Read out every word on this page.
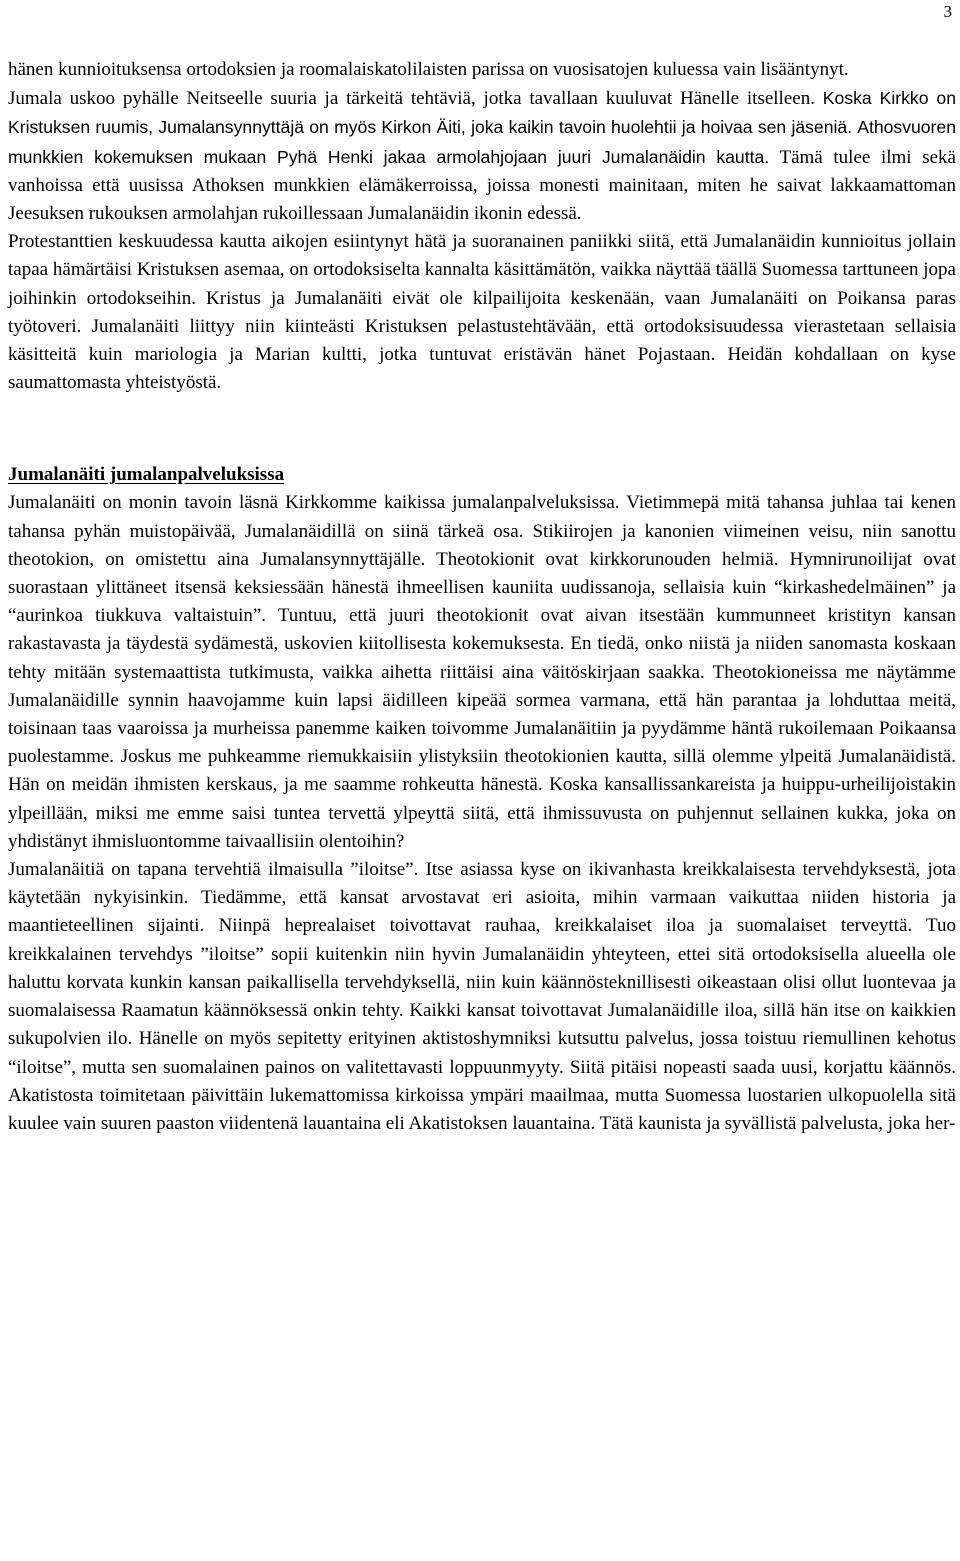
3

hänen kunnioituksensa ortodoksien ja roomalaiskatolilaisten parissa on vuosisatojen kuluessa vain lisääntynyt.

Jumala uskoo pyhälle Neitseelle suuria ja tärkeitä tehtäviä, jotka tavallaan kuuluvat Hänelle itselleen. Koska Kirkko on Kristuksen ruumis, Jumalansynnyttäjä on myös Kirkon Äiti, joka kaikin tavoin huolehtii ja hoivaa sen jäseniä. Athosvuoren munkkien kokemuksen mukaan Pyhä Henki jakaa armolahjojaan juuri Jumalanäidin kautta. Tämä tulee ilmi sekä vanhoissa että uusissa Athoksen munkkien elämäkerroissa, joissa monesti mainitaan, miten he saivat lakkaamattoman Jeesuksen rukouksen armolahjan rukoillessaan Jumalanäidin ikonin edessä.

Protestanttien keskuudessa kautta aikojen esiintynyt hätä ja suoranainen paniikki siitä, että Jumalanäidin kunnioitus jollain tapaa hämärtäisi Kristuksen asemaa, on ortodoksiselta kannalta käsittämätön, vaikka näyttää täällä Suomessa tarttuneen jopa joihinkin ortodokseihin. Kristus ja Jumalanäiti eivät ole kilpailijoita keskenään, vaan Jumalanäiti on Poikansa paras työtoveri. Jumalanäiti liittyy niin kiinteästi Kristuksen pelastustehtävään, että ortodoksisuudessa vierastetaan sellaisia käsitteitä kuin mariologia ja Marian kultti, jotka tuntuvat eristävän hänet Pojastaan. Heidän kohdallaan on kyse saumattomasta yhteistyöstä.

Jumalanäiti jumalanpalveluksissa

Jumalanäiti on monin tavoin läsnä Kirkkomme kaikissa jumalanpalveluksissa. Vietimmepä mitä tahansa juhlaa tai kenen tahansa pyhän muistopäivää, Jumalanäidillä on siinä tärkeä osa. Stikiirojen ja kanonien viimeinen veisu, niin sanottu theotokion, on omistettu aina Jumalansynnyttäjälle. Theotokionit ovat kirkkorunouden helmiä. Hymnirunoilijat ovat suorastaan ylittäneet itsensä keksiessään hänestä ihmeellisen kauniita uudissanoja, sellaisia kuin “kirkashedelmäinen” ja “aurinkoa tiukkuva valtaistuin”. Tuntuu, että juuri theotokionit ovat aivan itsestään kummunneet kristityn kansan rakastavasta ja täydestä sydämestä, uskovien kiitollisesta kokemuksesta. En tiedä, onko niistä ja niiden sanomasta koskaan tehty mitään systemaattista tutkimusta, vaikka aihetta riittäisi aina väitöskirjaan saakka. Theotokioneissa me näytämme Jumalanäidille synnin haavojamme kuin lapsi äidilleen kipeää sormea varmana, että hän parantaa ja lohduttaa meitä, toisinaan taas vaaroissa ja murheissa panemme kaiken toivomme Jumalanäitiin ja pyydämme häntä rukoilemaan Poikaansa puolestamme. Joskus me puhkeamme riemukkaisiin ylistyksiin theotokionien kautta, sillä olemme ylpeitä Jumalanäidistä. Hän on meidän ihmisten kerskaus, ja me saamme rohkeutta hänestä. Koska kansallissankareista ja huippu-urheilijoistakin ylpeillään, miksi me emme saisi tuntea tervettä ylpeyttä siitä, että ihmissuvusta on puhjennut sellainen kukka, joka on yhdistänyt ihmisluontomme taivaallisiin olentoihin?

Jumalanäitiä on tapana tervehtiä ilmaisulla ”iloitse”. Itse asiassa kyse on ikivanhasta kreikkalaisesta tervehdyksestä, jota käytetään nykyisinkin. Tiedämme, että kansat arvostavat eri asioita, mihin varmaan vaikuttaa niiden historia ja maantieteellinen sijainti. Niinpä heprealaiset toivottavat rauhaa, kreikkalaiset iloa ja suomalaiset terveyttä. Tuo kreikkalainen tervehdys ”iloitse” sopii kuitenkin niin hyvin Jumalanäidin yhteyteen, ettei sitä ortodoksisella alueella ole haluttu korvata kunkin kansan paikallisella tervehdyksellä, niin kuin käännösteknillisesti oikeastaan olisi ollut luontevaa ja suomalaisessa Raamatun käännöksessä onkin tehty. Kaikki kansat toivottavat Jumalanäidille iloa, sillä hän itse on kaikkien sukupolvien ilo. Hänelle on myös sepitetty erityinen aktistoshymniksi kutsuttu palvelus, jossa toistuu riemullinen kehotus “iloitse”, mutta sen suomalainen painos on valitettavasti loppuunmyyty. Siitä pitäisi nopeasti saada uusi, korjattu käännös. Akatistosta toimitetaan päivittäin lukemattomissa kirkoissa ympäri maailmaa, mutta Suomessa luostarien ulkopuolella sitä kuulee vain suuren paaston viidentenä lauantaina eli Akatistoksen lauantaina. Tätä kaunista ja syvällistä palvelusta, joka her-
